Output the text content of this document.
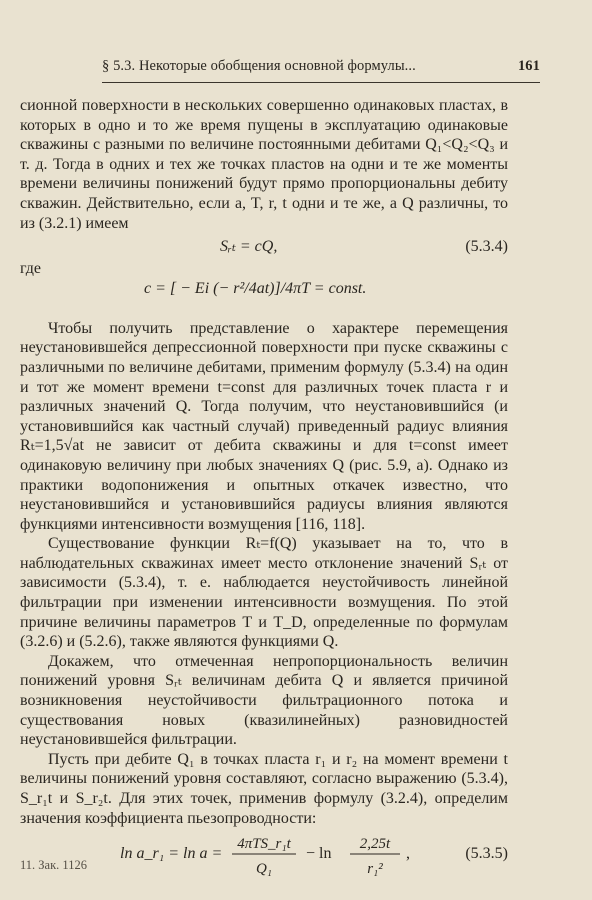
§ 5.3. Некоторые обобщения основной формулы...	161

сионной поверхности в нескольких совершенно одинаковых пластах, в которых в одно и то же время пущены в эксплуатацию одинаковые скважины с разными по величине постоянными дебитами Q₁<Q₂<Q₃ и т. д. Тогда в одних и тех же точках пластов на одни и те же моменты времени величины понижений будут прямо пропорциональны дебиту скважин. Действительно, если a, T, r, t одни и те же, а Q различны, то из (3.2.1) имеем

Sᵣₜ = cQ,	(5.3.4)

где

c = [ − Ei (− r²/4at)]/4πT = const.

Чтобы получить представление о характере перемещения неустановившейся депрессионной поверхности при пуске скважины с различными по величине дебитами, применим формулу (5.3.4) на один и тот же момент времени t=const для различных точек пласта r и различных значений Q. Тогда получим, что неустановившийся (и установившийся как частный случай) приведенный радиус влияния Rₜ=1,5√at не зависит от дебита скважины и для t=const имеет одинаковую величину при любых значениях Q (рис. 5.9, а). Однако из практики водопонижения и опытных откачек известно, что неустановившийся и установившийся радиусы влияния являются функциями интенсивности возмущения [116, 118].

Существование функции Rₜ=f(Q) указывает на то, что в наблюдательных скважинах имеет место отклонение значений Sᵣₜ от зависимости (5.3.4), т. е. наблюдается неустойчивость линейной фильтрации при изменении интенсивности возмущения. По этой причине величины параметров T и T_D, определенные по формулам (3.2.6) и (5.2.6), также являются функциями Q.

Докажем, что отмеченная непропорциональность величин понижений уровня Sᵣₜ величинам дебита Q и является причиной возникновения неустойчивости фильтрационного потока и существования новых (квазилинейных) разновидностей неустановившейся фильтрации.

Пусть при дебите Q₁ в точках пласта r₁ и r₂ на момент времени t величины понижений уровня составляют, согласно выражению (5.3.4), S_r₁t и S_r₂t. Для этих точек, применив формулу (3.2.4), определим значения коэффициента пьезопроводности:

ln a_r₁ = ln a =
4πTS_r₁t
Q₁
− ln
2,25t
r₁²
,	(5.3.5)
11. Зак. 1126
